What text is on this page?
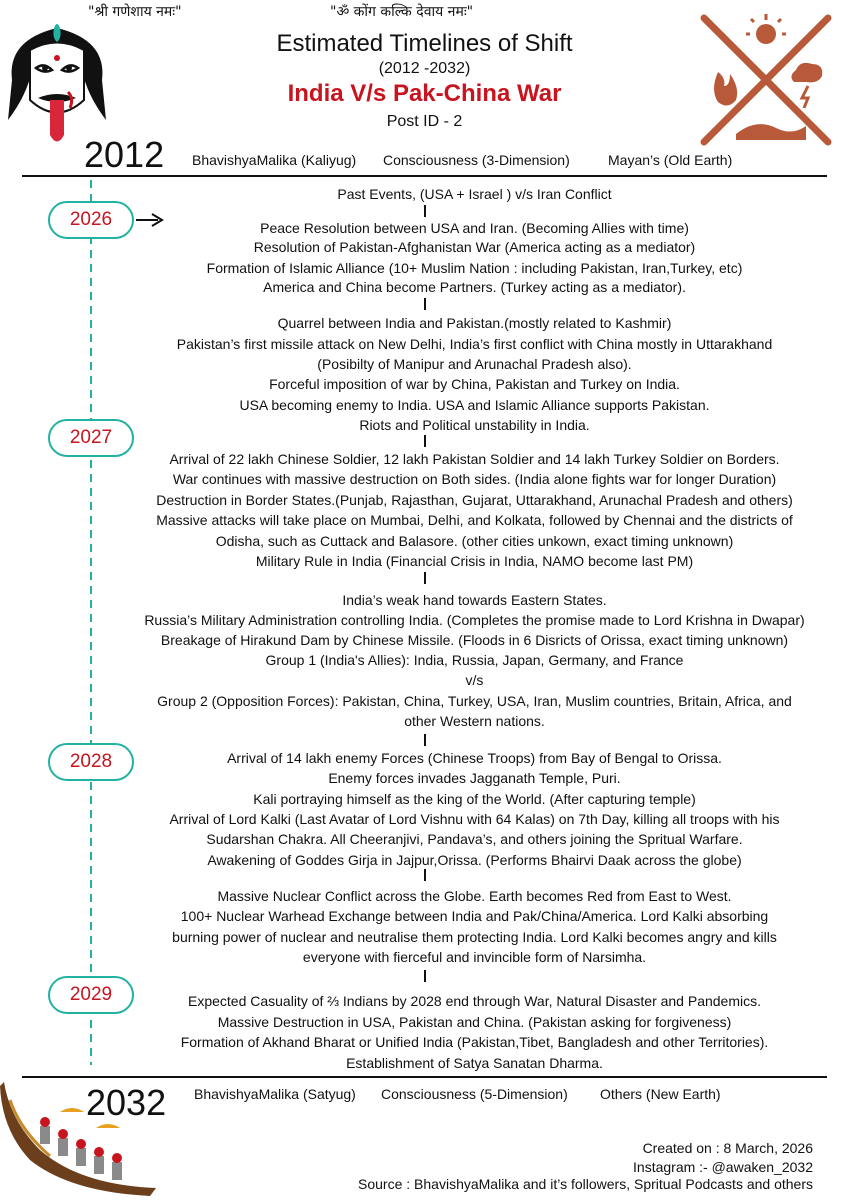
"श्री गणेशाय नमः"	"ॐ कोंग कल्कि देवाय नमः"
Estimated Timelines of Shift
(2012 -2032)
India V/s Pak-China War
Post ID - 2
2012 BhavishyaMalika (Kaliyug) Consciousness (3-Dimension)	Mayan’s (Old Earth)
2026
2027
2028
2029
Past Events, (USA + Israel ) v/s Iran Conflict
Peace Resolution between USA and Iran. (Becoming Allies with time)
Resolution of Pakistan-Afghanistan War (America acting as a mediator)
Formation of Islamic Alliance (10+ Muslim Nation : including Pakistan, Iran,Turkey, etc)
America and China become Partners. (Turkey acting as a mediator).
Quarrel between India and Pakistan.(mostly related to Kashmir)
Pakistan’s first missile attack on New Delhi, India’s first conflict with China mostly in Uttarakhand
(Posibilty of Manipur and Arunachal Pradesh also).
Forceful imposition of war by China, Pakistan and Turkey on India.
USA becoming enemy to India. USA and Islamic Alliance supports Pakistan.
Riots and Political unstability in India.
Arrival of 22 lakh Chinese Soldier, 12 lakh Pakistan Soldier and 14 lakh Turkey Soldier on Borders.
War continues with massive destruction on Both sides. (India alone fights war for longer Duration)
Destruction in Border States.(Punjab, Rajasthan, Gujarat, Uttarakhand, Arunachal Pradesh and others)
Massive attacks will take place on Mumbai, Delhi, and Kolkata, followed by Chennai and the districts of
Odisha, such as Cuttack and Balasore. (other cities unkown, exact timing unknown)
Military Rule in India (Financial Crisis in India, NAMO become last PM)
India’s weak hand towards Eastern States.
Russia’s Military Administration controlling India. (Completes the promise made to Lord Krishna in Dwapar)
Breakage of Hirakund Dam by Chinese Missile. (Floods in 6 Disricts of Orissa, exact timing unknown)
Group 1 (India's Allies): India, Russia, Japan, Germany, and France
v/s
Group 2 (Opposition Forces): Pakistan, China, Turkey, USA, Iran, Muslim countries, Britain, Africa, and
other Western nations.
Arrival of 14 lakh enemy Forces (Chinese Troops) from Bay of Bengal to Orissa.
Enemy forces invades Jagganath Temple, Puri.
Kali portraying himself as the king of the World. (After capturing temple)
Arrival of Lord Kalki (Last Avatar of Lord Vishnu with 64 Kalas) on 7th Day, killing all troops with his
Sudarshan Chakra. All Cheeranjivi, Pandava’s, and others joining the Spritual Warfare.
Awakening of Goddes Girja in Jajpur,Orissa. (Performs Bhairvi Daak across the globe)
Massive Nuclear Conflict across the Globe. Earth becomes Red from East to West.
100+ Nuclear Warhead Exchange between India and Pak/China/America. Lord Kalki absorbing
burning power of nuclear and neutralise them protecting India. Lord Kalki becomes angry and kills
everyone with fierceful and invincible form of Narsimha.
Expected Casuality of ⅔ Indians by 2028 end through War, Natural Disaster and Pandemics.
Massive Destruction in USA, Pakistan and China. (Pakistan asking for forgiveness)
Formation of Akhand Bharat or Unified India (Pakistan,Tibet, Bangladesh and other Territories).
Establishment of Satya Sanatan Dharma.
2032 BhavishyaMalika (Satyug) Consciousness (5-Dimension) Others (New Earth)
Created on : 8 March, 2026
Instagram :- @awaken_2032
Source : BhavishyaMalika and it’s followers, Spritual Podcasts and others
